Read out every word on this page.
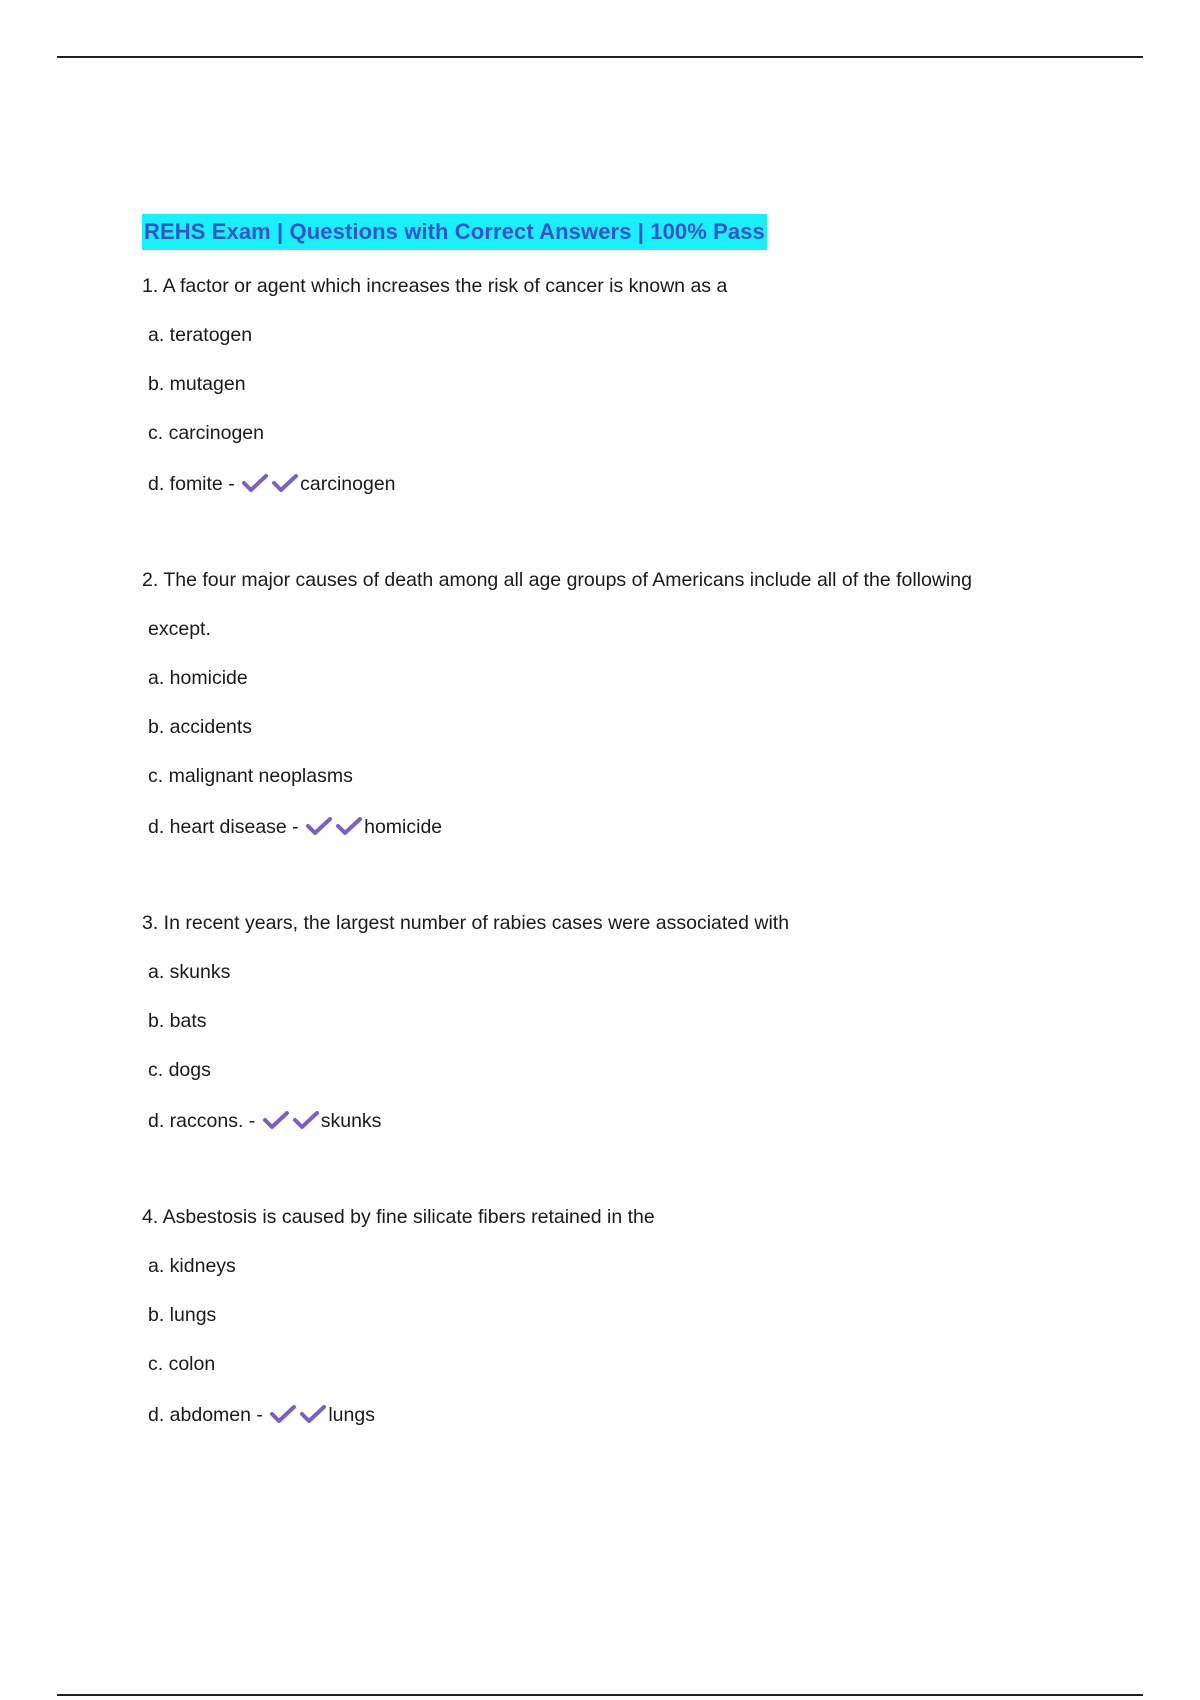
REHS Exam | Questions with Correct Answers | 100% Pass

1. A factor or agent which increases the risk of cancer is known as a

a. teratogen

b. mutagen

c. carcinogen

d. fomite -	carcinogen

2. The four major causes of death among all age groups of Americans include all of the following
except.

a. homicide

b. accidents

c. malignant neoplasms

d. heart disease -	homicide

3. In recent years, the largest number of rabies cases were associated with

a. skunks

b. bats

c. dogs

d. raccons. -	skunks

4. Asbestosis is caused by fine silicate fibers retained in the

a. kidneys

b. lungs

c. colon

d. abdomen -	lungs
